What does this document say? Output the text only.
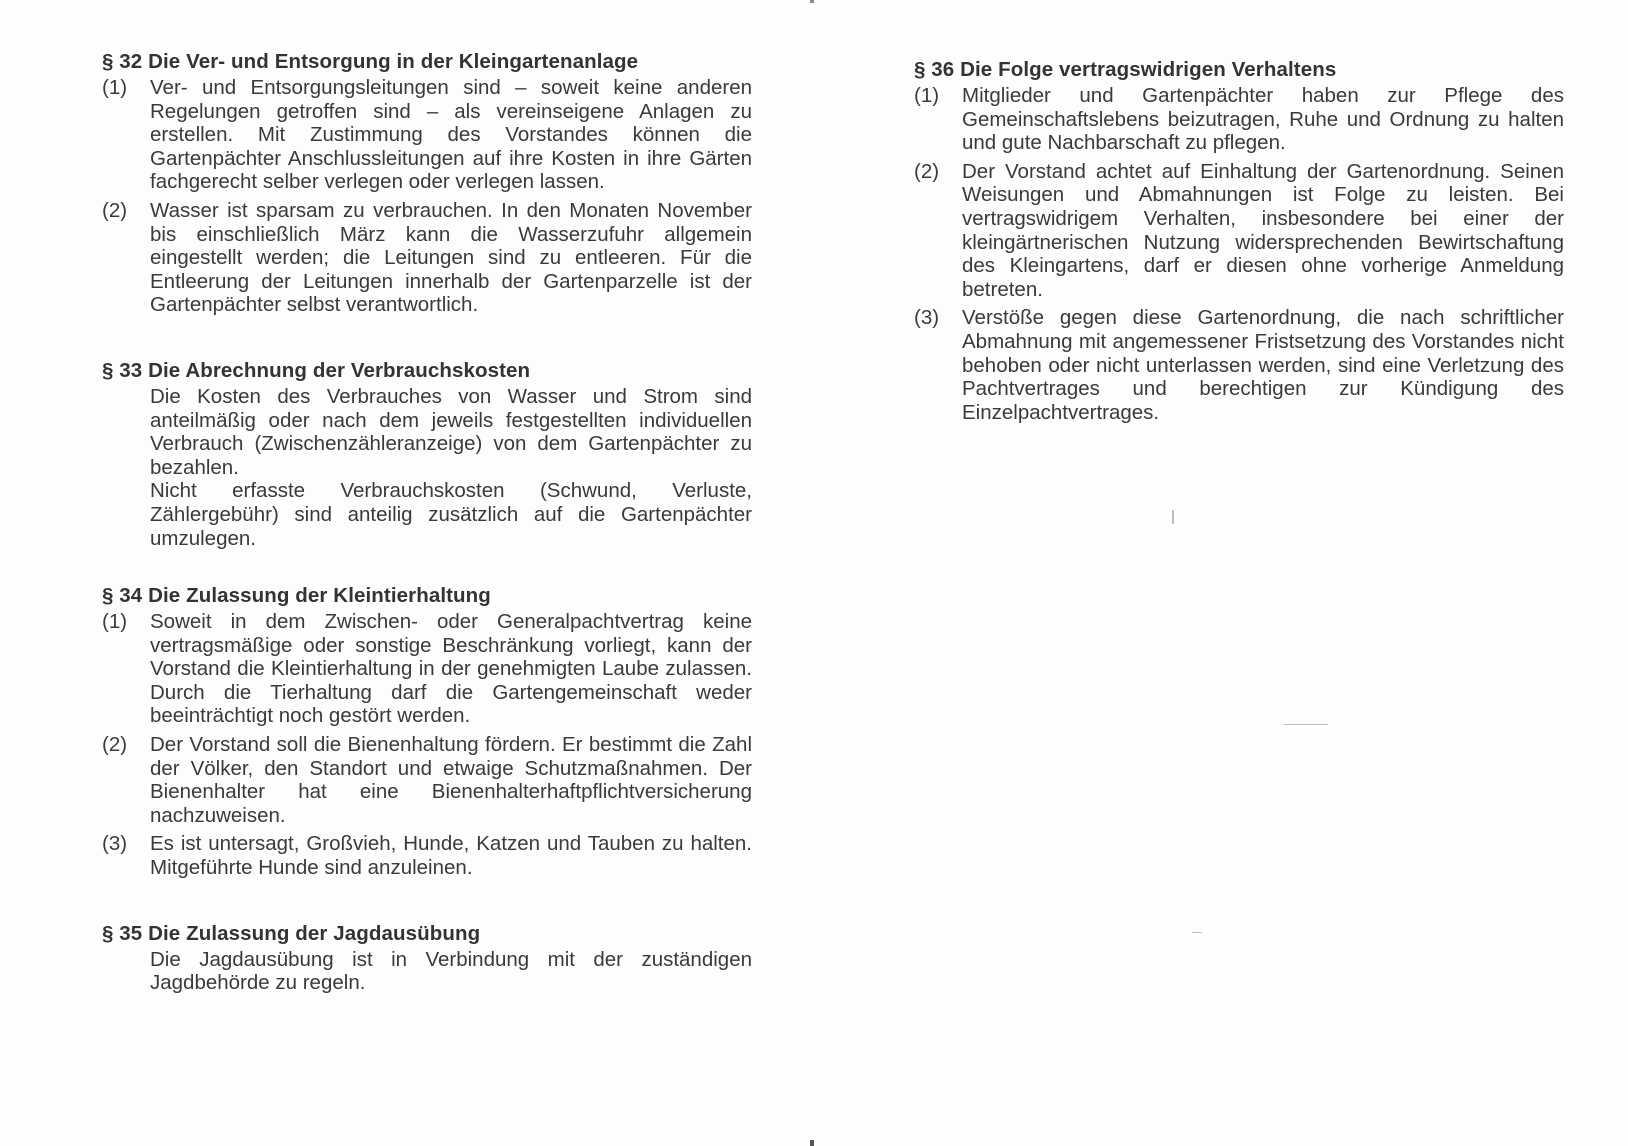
§ 32 Die Ver- und Entsorgung in der Kleingartenanlage
(1)	Ver- und Entsorgungsleitungen sind – soweit keine anderen Regelungen getroffen sind – als vereinseigene Anlagen zu erstellen. Mit Zustimmung des Vorstandes können die Gartenpächter Anschlussleitungen auf ihre Kosten in ihre Gärten fachgerecht selber verlegen oder verlegen lassen.
(2)	Wasser ist sparsam zu verbrauchen. In den Monaten November bis einschließlich März kann die Wasserzufuhr allgemein eingestellt werden; die Leitungen sind zu entleeren. Für die Entleerung der Leitungen innerhalb der Gartenparzelle ist der Gartenpächter selbst verantwortlich.
§ 33 Die Abrechnung der Verbrauchskosten
Die Kosten des Verbrauches von Wasser und Strom sind anteilmäßig oder nach dem jeweils festgestellten individuellen Verbrauch (Zwischenzähleranzeige) von dem Gartenpächter zu bezahlen.
Nicht erfasste Verbrauchskosten (Schwund, Verluste, Zählergebühr) sind anteilig zusätzlich auf die Gartenpächter umzulegen.
§ 34 Die Zulassung der Kleintierhaltung
(1)	Soweit in dem Zwischen- oder Generalpachtvertrag keine vertragsmäßige oder sonstige Beschränkung vorliegt, kann der Vorstand die Kleintierhaltung in der genehmigten Laube zulassen. Durch die Tierhaltung darf die Gartengemeinschaft weder beeinträchtigt noch gestört werden.
(2)	Der Vorstand soll die Bienenhaltung fördern. Er bestimmt die Zahl der Völker, den Standort und etwaige Schutzmaßnahmen. Der Bienenhalter hat eine Bienenhalterhaftpflichtversicherung nachzuweisen.
(3)	Es ist untersagt, Großvieh, Hunde, Katzen und Tauben zu halten. Mitgeführte Hunde sind anzuleinen.
§ 35 Die Zulassung der Jagdausübung
Die Jagdausübung ist in Verbindung mit der zuständigen Jagdbehörde zu regeln.
§ 36 Die Folge vertragswidrigen Verhaltens
(1)	Mitglieder und Gartenpächter haben zur Pflege des Gemeinschaftslebens beizutragen, Ruhe und Ordnung zu halten und gute Nachbarschaft zu pflegen.
(2)	Der Vorstand achtet auf Einhaltung der Gartenordnung. Seinen Weisungen und Abmahnungen ist Folge zu leisten. Bei vertragswidrigem Verhalten, insbesondere bei einer der kleingärtnerischen Nutzung widersprechenden Bewirtschaftung des Kleingartens, darf er diesen ohne vorherige Anmeldung betreten.
(3)	Verstöße gegen diese Gartenordnung, die nach schriftlicher Abmahnung mit angemessener Fristsetzung des Vorstandes nicht behoben oder nicht unterlassen werden, sind eine Verletzung des Pachtvertrages und berechtigen zur Kündigung des Einzelpachtvertrages.
